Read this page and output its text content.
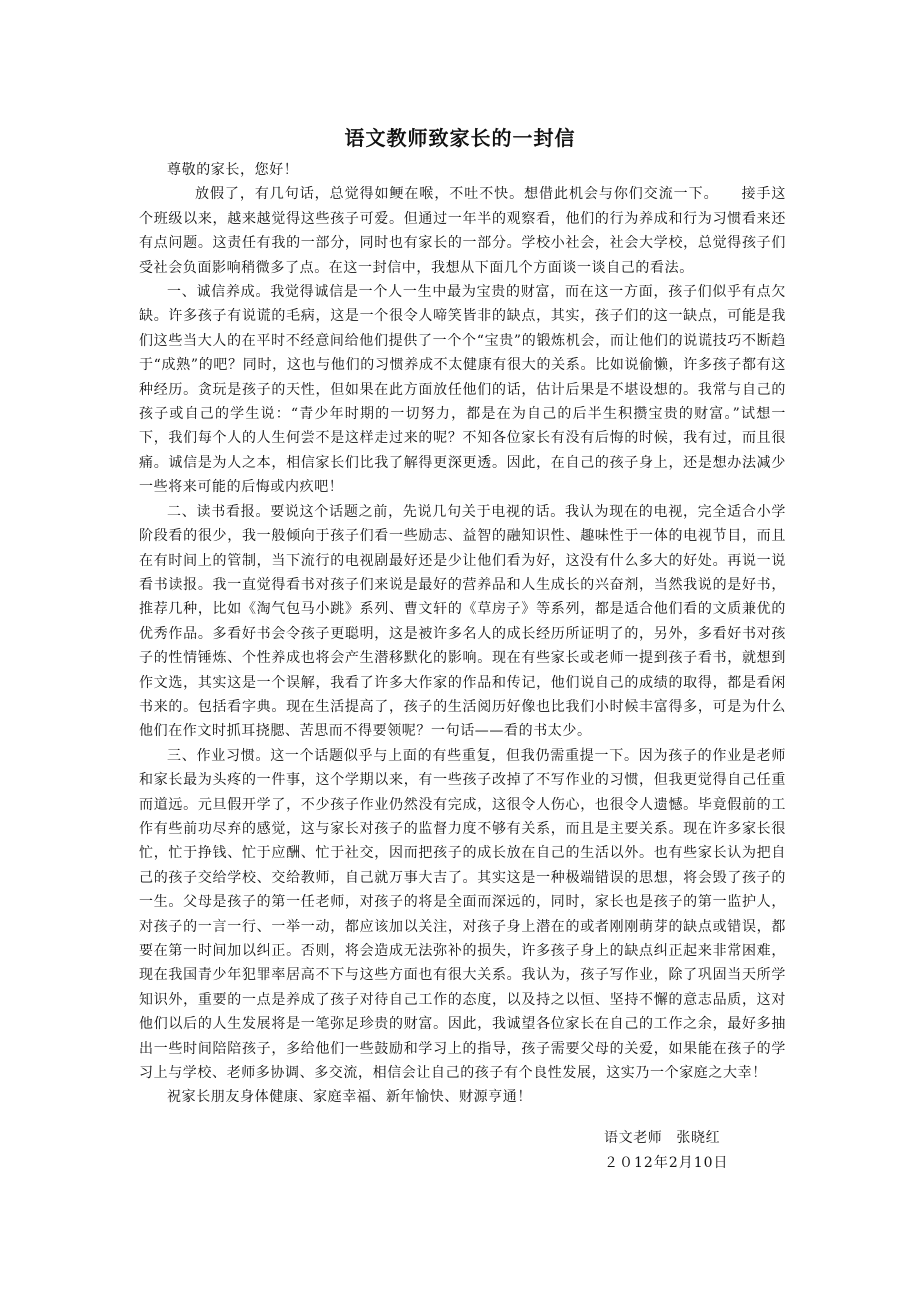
语文教师致家长的一封信

尊敬的家长，您好！

放假了，有几句话，总觉得如鲠在喉，不吐不快。想借此机会与你们交流一下。　　接手这个班级以来，越来越觉得这些孩子可爱。但通过一年半的观察看，他们的行为养成和行为习惯看来还有点问题。这责任有我的一部分，同时也有家长的一部分。学校小社会，社会大学校，总觉得孩子们受社会负面影响稍微多了点。在这一封信中，我想从下面几个方面谈一谈自己的看法。

一、诚信养成。我觉得诚信是一个人一生中最为宝贵的财富，而在这一方面，孩子们似乎有点欠缺。许多孩子有说谎的毛病，这是一个很令人啼笑皆非的缺点，其实，孩子们的这一缺点，可能是我们这些当大人的在平时不经意间给他们提供了一个个“宝贵”的锻炼机会，而让他们的说谎技巧不断趋于“成熟”的吧？同时，这也与他们的习惯养成不太健康有很大的关系。比如说偷懒，许多孩子都有这种经历。贪玩是孩子的天性，但如果在此方面放任他们的话，估计后果是不堪设想的。我常与自己的孩子或自己的学生说：“青少年时期的一切努力，都是在为自己的后半生积攒宝贵的财富。”试想一下，我们每个人的人生何尝不是这样走过来的呢？不知各位家长有没有后悔的时候，我有过，而且很痛。诚信是为人之本，相信家长们比我了解得更深更透。因此，在自己的孩子身上，还是想办法减少一些将来可能的后悔或内疚吧！

二、读书看报。要说这个话题之前，先说几句关于电视的话。我认为现在的电视，完全适合小学阶段看的很少，我一般倾向于孩子们看一些励志、益智的融知识性、趣味性于一体的电视节目，而且在有时间上的管制，当下流行的电视剧最好还是少让他们看为好，这没有什么多大的好处。再说一说看书读报。我一直觉得看书对孩子们来说是最好的营养品和人生成长的兴奋剂，当然我说的是好书，推荐几种，比如《淘气包马小跳》系列、曹文轩的《草房子》等系列，都是适合他们看的文质兼优的优秀作品。多看好书会令孩子更聪明，这是被许多名人的成长经历所证明了的，另外，多看好书对孩子的性情锤炼、个性养成也将会产生潜移默化的影响。现在有些家长或老师一提到孩子看书，就想到作文选，其实这是一个误解，我看了许多大作家的作品和传记，他们说自己的成绩的取得，都是看闲书来的。包括看字典。现在生活提高了，孩子的生活阅历好像也比我们小时候丰富得多，可是为什么他们在作文时抓耳挠腮、苦思而不得要领呢？一句话——看的书太少。

三、作业习惯。这一个话题似乎与上面的有些重复，但我仍需重提一下。因为孩子的作业是老师和家长最为头疼的一件事，这个学期以来，有一些孩子改掉了不写作业的习惯，但我更觉得自己任重而道远。元旦假开学了，不少孩子作业仍然没有完成，这很令人伤心，也很令人遗憾。毕竟假前的工作有些前功尽弃的感觉，这与家长对孩子的监督力度不够有关系，而且是主要关系。现在许多家长很忙，忙于挣钱、忙于应酬、忙于社交，因而把孩子的成长放在自己的生活以外。也有些家长认为把自己的孩子交给学校、交给教师，自己就万事大吉了。其实这是一种极端错误的思想，将会毁了孩子的一生。父母是孩子的第一任老师，对孩子的将是全面而深远的，同时，家长也是孩子的第一监护人，对孩子的一言一行、一举一动，都应该加以关注，对孩子身上潜在的或者刚刚萌芽的缺点或错误，都要在第一时间加以纠正。否则，将会造成无法弥补的损失，许多孩子身上的缺点纠正起来非常困难，现在我国青少年犯罪率居高不下与这些方面也有很大关系。我认为，孩子写作业，除了巩固当天所学知识外，重要的一点是养成了孩子对待自己工作的态度，以及持之以恒、坚持不懈的意志品质，这对他们以后的人生发展将是一笔弥足珍贵的财富。因此，我诚望各位家长在自己的工作之余，最好多抽出一些时间陪陪孩子，多给他们一些鼓励和学习上的指导，孩子需要父母的关爱，如果能在孩子的学习上与学校、老师多协调、多交流，相信会让自己的孩子有个良性发展，这实乃一个家庭之大幸！

祝家长朋友身体健康、家庭幸福、新年愉快、财源亨通！

语文老师 张晓红
２０12年2月10日
